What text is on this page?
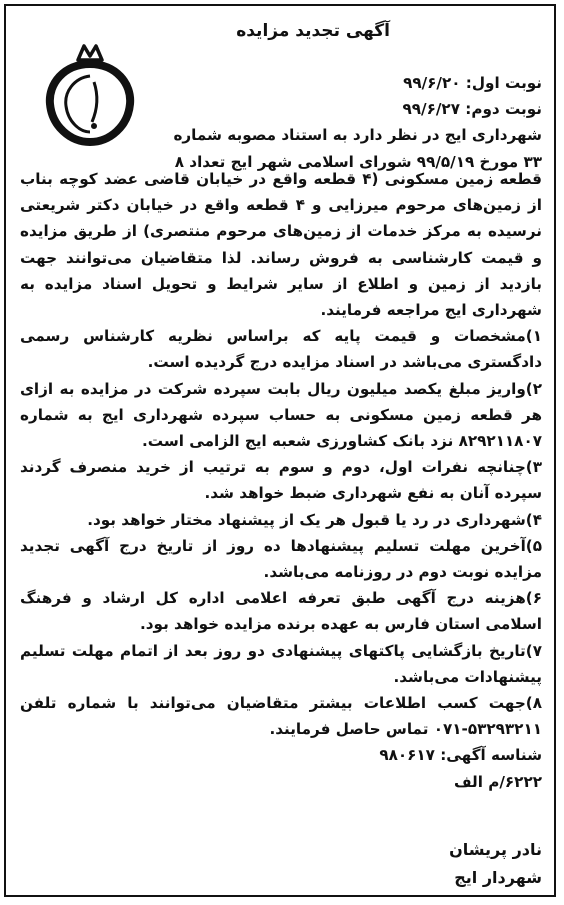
آگهی تجدید مزایده
نوبت اول: ۹۹/۶/۲۰
نوبت دوم: ۹۹/۶/۲۷
شهرداری ایج در نظر دارد به استناد مصوبه شماره
۳۳ مورخ ۹۹/۵/۱۹ شورای اسلامی شهر ایج تعداد ۸

قطعه زمین مسکونی (۴ قطعه واقع در خیابان قاضی عضد کوچه بناب از زمین‌های مرحوم میرزایی و ۴ قطعه واقع در خیابان دکتر شریعتی نرسیده به مرکز خدمات از زمین‌های مرحوم منتصری) از طریق مزایده و قیمت کارشناسی به فروش رساند. لذا متقاضیان می‌توانند جهت بازدید از زمین و اطلاع از سایر شرایط و تحویل اسناد مزایده به شهرداری ایج مراجعه فرمایند.

۱)مشخصات و قیمت پایه که براساس نظریه کارشناس رسمی دادگستری می‌باشد در اسناد مزایده درج گردیده است.

۲)واریز مبلغ یکصد میلیون ریال بابت سپرده شرکت در مزایده به ازای هر قطعه زمین مسکونی به حساب سپرده شهرداری ایج به شماره ۸۲۹۲۱۱۸۰۷ نزد بانک کشاورزی شعبه ایج الزامی است.

۳)چنانچه نفرات اول، دوم و سوم به ترتیب از خرید منصرف گردند سپرده آنان به نفع شهرداری ضبط خواهد شد.

۴)شهرداری در رد یا قبول هر یک از پیشنهاد مختار خواهد بود.

۵)آخرین مهلت تسلیم پیشنهادها ده روز از تاریخ درج آگهی تجدید مزایده نوبت دوم در روزنامه می‌باشد.

۶)هزینه درج آگهی طبق تعرفه اعلامی اداره کل ارشاد و فرهنگ اسلامی استان فارس به عهده برنده مزایده خواهد بود.

۷)تاریخ بازگشایی پاکتهای پیشنهادی دو روز بعد از اتمام مهلت تسلیم پیشنهادات می‌باشد.

۸)جهت کسب اطلاعات بیشتر متقاضیان می‌توانند با شماره تلفن ۵۳۲۹۳۲۱۱-۰۷۱ تماس حاصل فرمایند.

شناسه آگهی: ۹۸۰۶۱۷
۶۲۲۲/م الف
نادر پریشان
شهردار ایج
